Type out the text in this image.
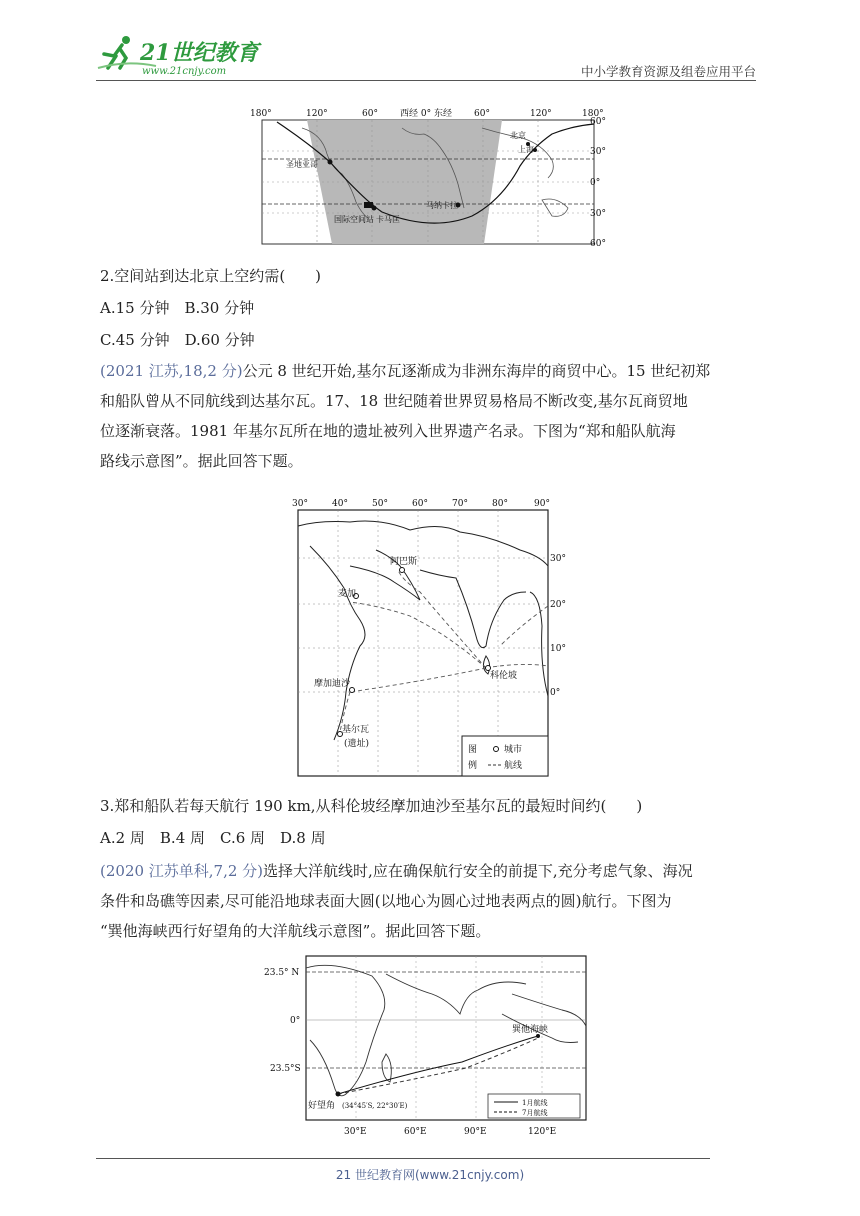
21世纪教育
www.21cnjy.com	中小学教育资源及组卷应用平台
180°	120°	60° 西经 0° 东经 60°	120°	180°
60°
30°
0°
30°
60°
圣地亚哥
国际空间站 卡马匡
马纳卡拉
北京
上海
2.空间站到达北京上空约需(　　)
A.15 分钟　B.30 分钟
C.45 分钟　D.60 分钟
(2021 江苏,18,2 分)公元 8 世纪开始,基尔瓦逐渐成为非洲东海岸的商贸中心。15 世纪初郑
和船队曾从不同航线到达基尔瓦。17、18 世纪随着世界贸易格局不断改变,基尔瓦商贸地
位逐渐衰落。1981 年基尔瓦所在地的遗址被列入世界遗产名录。下图为“郑和船队航海
路线示意图”。据此回答下题。
30°	40°	50°	60°	70°	80°	90°
30°
20°
10°
0°
阿巴斯
麦加
摩加迪沙
科伦坡
基尔瓦
(遗址)
图
例
城市
航线
3.郑和船队若每天航行 190 km,从科伦坡经摩加迪沙至基尔瓦的最短时间约(　　)
A.2 周　B.4 周　C.6 周　D.8 周
(2020 江苏单科,7,2 分)选择大洋航线时,应在确保航行安全的前提下,充分考虑气象、海况
条件和岛礁等因素,尽可能沿地球表面大圆(以地心为圆心过地表两点的圆)航行。下图为
“巽他海峡西行好望角的大洋航线示意图”。据此回答下题。
23.5° N
0°
23.5°S
30°E	60°E	90°E	120°E
巽他海峡
好望角 (34°45′S, 22°30′E)	1月航线
7月航线
21 世纪教育网(www.21cnjy.com)
